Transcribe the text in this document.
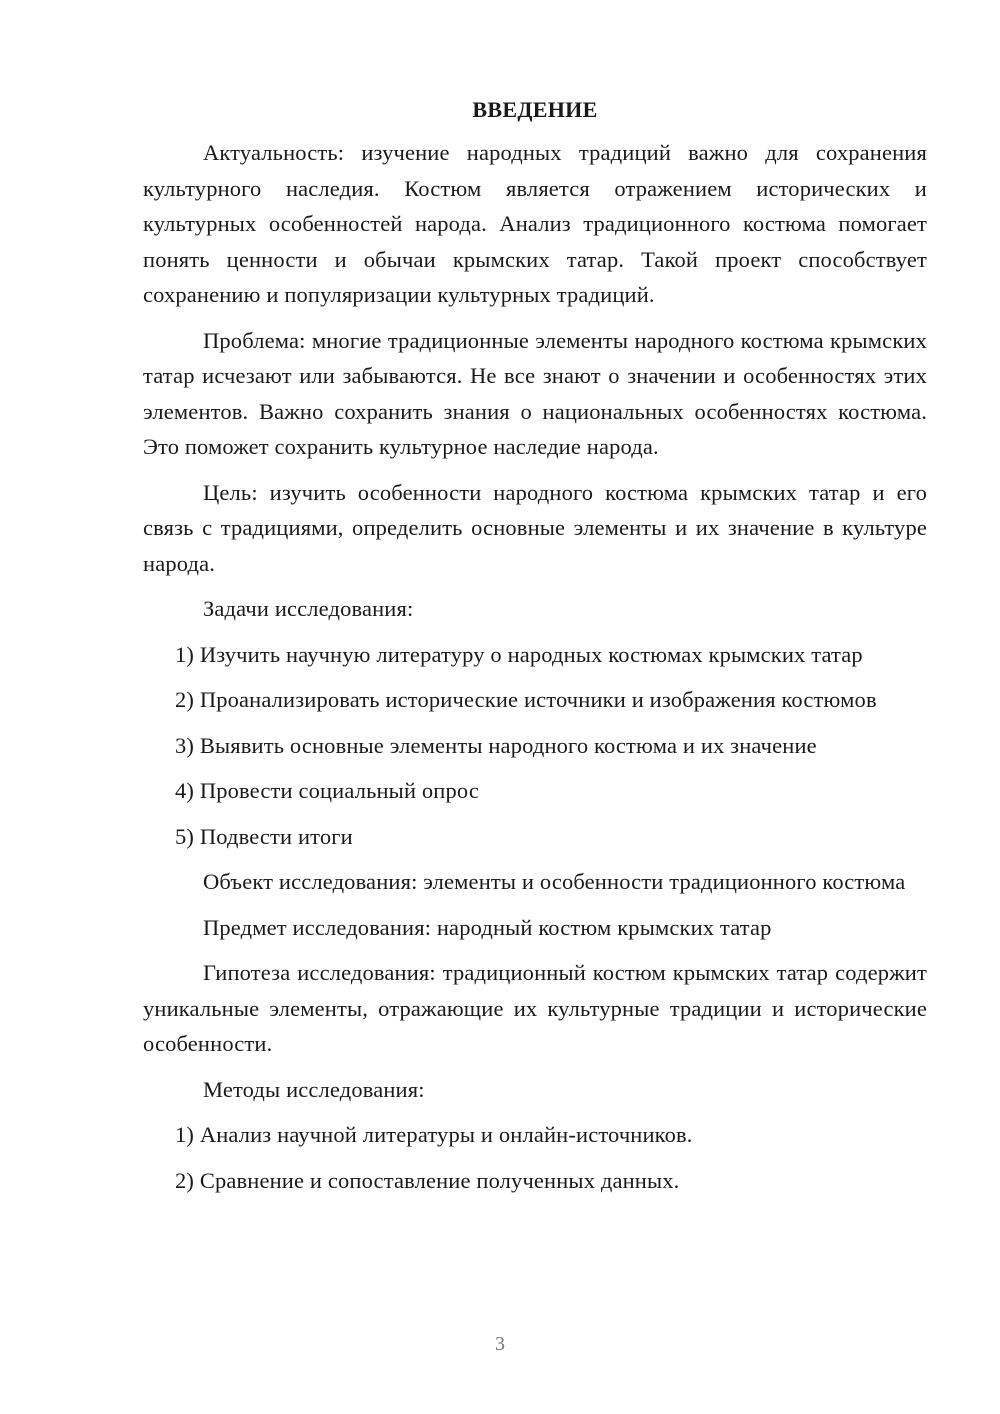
ВВЕДЕНИЕ

Актуальность: изучение народных традиций важно для сохранения культурного наследия. Костюм является отражением исторических и культурных особенностей народа. Анализ традиционного костюма помогает понять ценности и обычаи крымских татар. Такой проект способствует сохранению и популяризации культурных традиций.

Проблема: многие традиционные элементы народного костюма крымских татар исчезают или забываются. Не все знают о значении и особенностях этих элементов. Важно сохранить знания о национальных особенностях костюма. Это поможет сохранить культурное наследие народа.

Цель: изучить особенности народного костюма крымских татар и его связь с традициями, определить основные элементы и их значение в культуре народа.

Задачи исследования:

1) Изучить научную литературу о народных костюмах крымских татар

2) Проанализировать исторические источники и изображения костюмов

3) Выявить основные элементы народного костюма и их значение

4) Провести социальный опрос

5) Подвести итоги

Объект исследования: элементы и особенности традиционного костюма

Предмет исследования: народный костюм крымских татар

Гипотеза исследования: традиционный костюм крымских татар содержит уникальные элементы, отражающие их культурные традиции и исторические особенности.

Методы исследования:

1) Анализ научной литературы и онлайн-источников.

2) Сравнение и сопоставление полученных данных.

3
